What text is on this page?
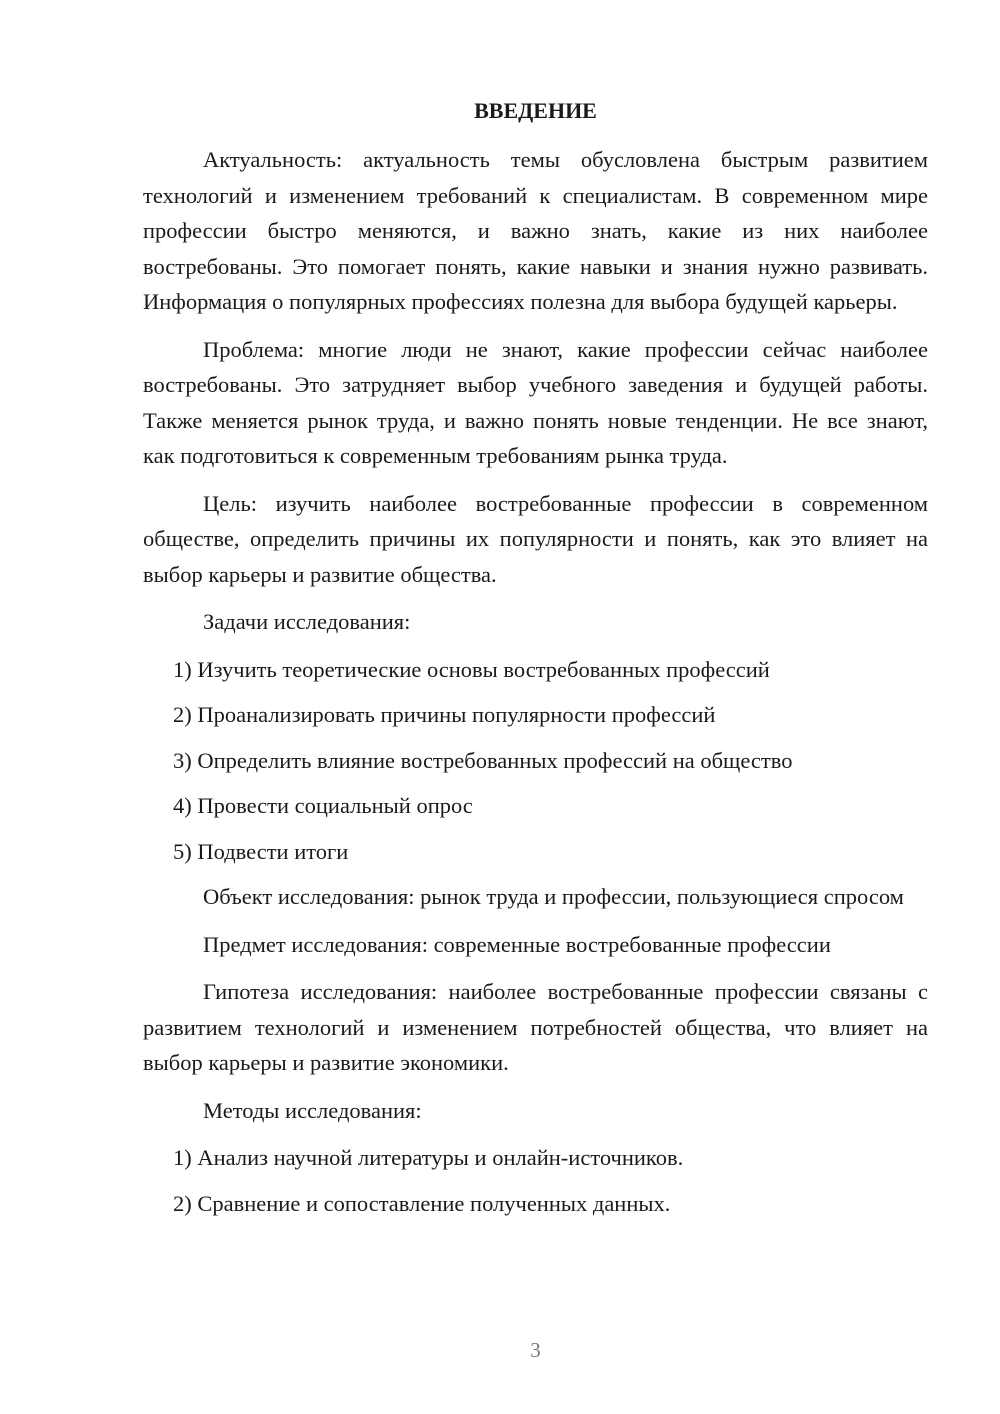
ВВЕДЕНИЕ

Актуальность: актуальность темы обусловлена быстрым развитием технологий и изменением требований к специалистам. В современном мире профессии быстро меняются, и важно знать, какие из них наиболее востребованы. Это помогает понять, какие навыки и знания нужно развивать. Информация о популярных профессиях полезна для выбора будущей карьеры.

Проблема: многие люди не знают, какие профессии сейчас наиболее востребованы. Это затрудняет выбор учебного заведения и будущей работы. Также меняется рынок труда, и важно понять новые тенденции. Не все знают, как подготовиться к современным требованиям рынка труда.

Цель: изучить наиболее востребованные профессии в современном обществе, определить причины их популярности и понять, как это влияет на выбор карьеры и развитие общества.

Задачи исследования:

1) Изучить теоретические основы востребованных профессий

2) Проанализировать причины популярности профессий

3) Определить влияние востребованных профессий на общество

4) Провести социальный опрос

5) Подвести итоги

Объект исследования: рынок труда и профессии, пользующиеся спросом

Предмет исследования: современные востребованные профессии

Гипотеза исследования: наиболее востребованные профессии связаны с развитием технологий и изменением потребностей общества, что влияет на выбор карьеры и развитие экономики.

Методы исследования:

1) Анализ научной литературы и онлайн-источников.

2) Сравнение и сопоставление полученных данных.

3
